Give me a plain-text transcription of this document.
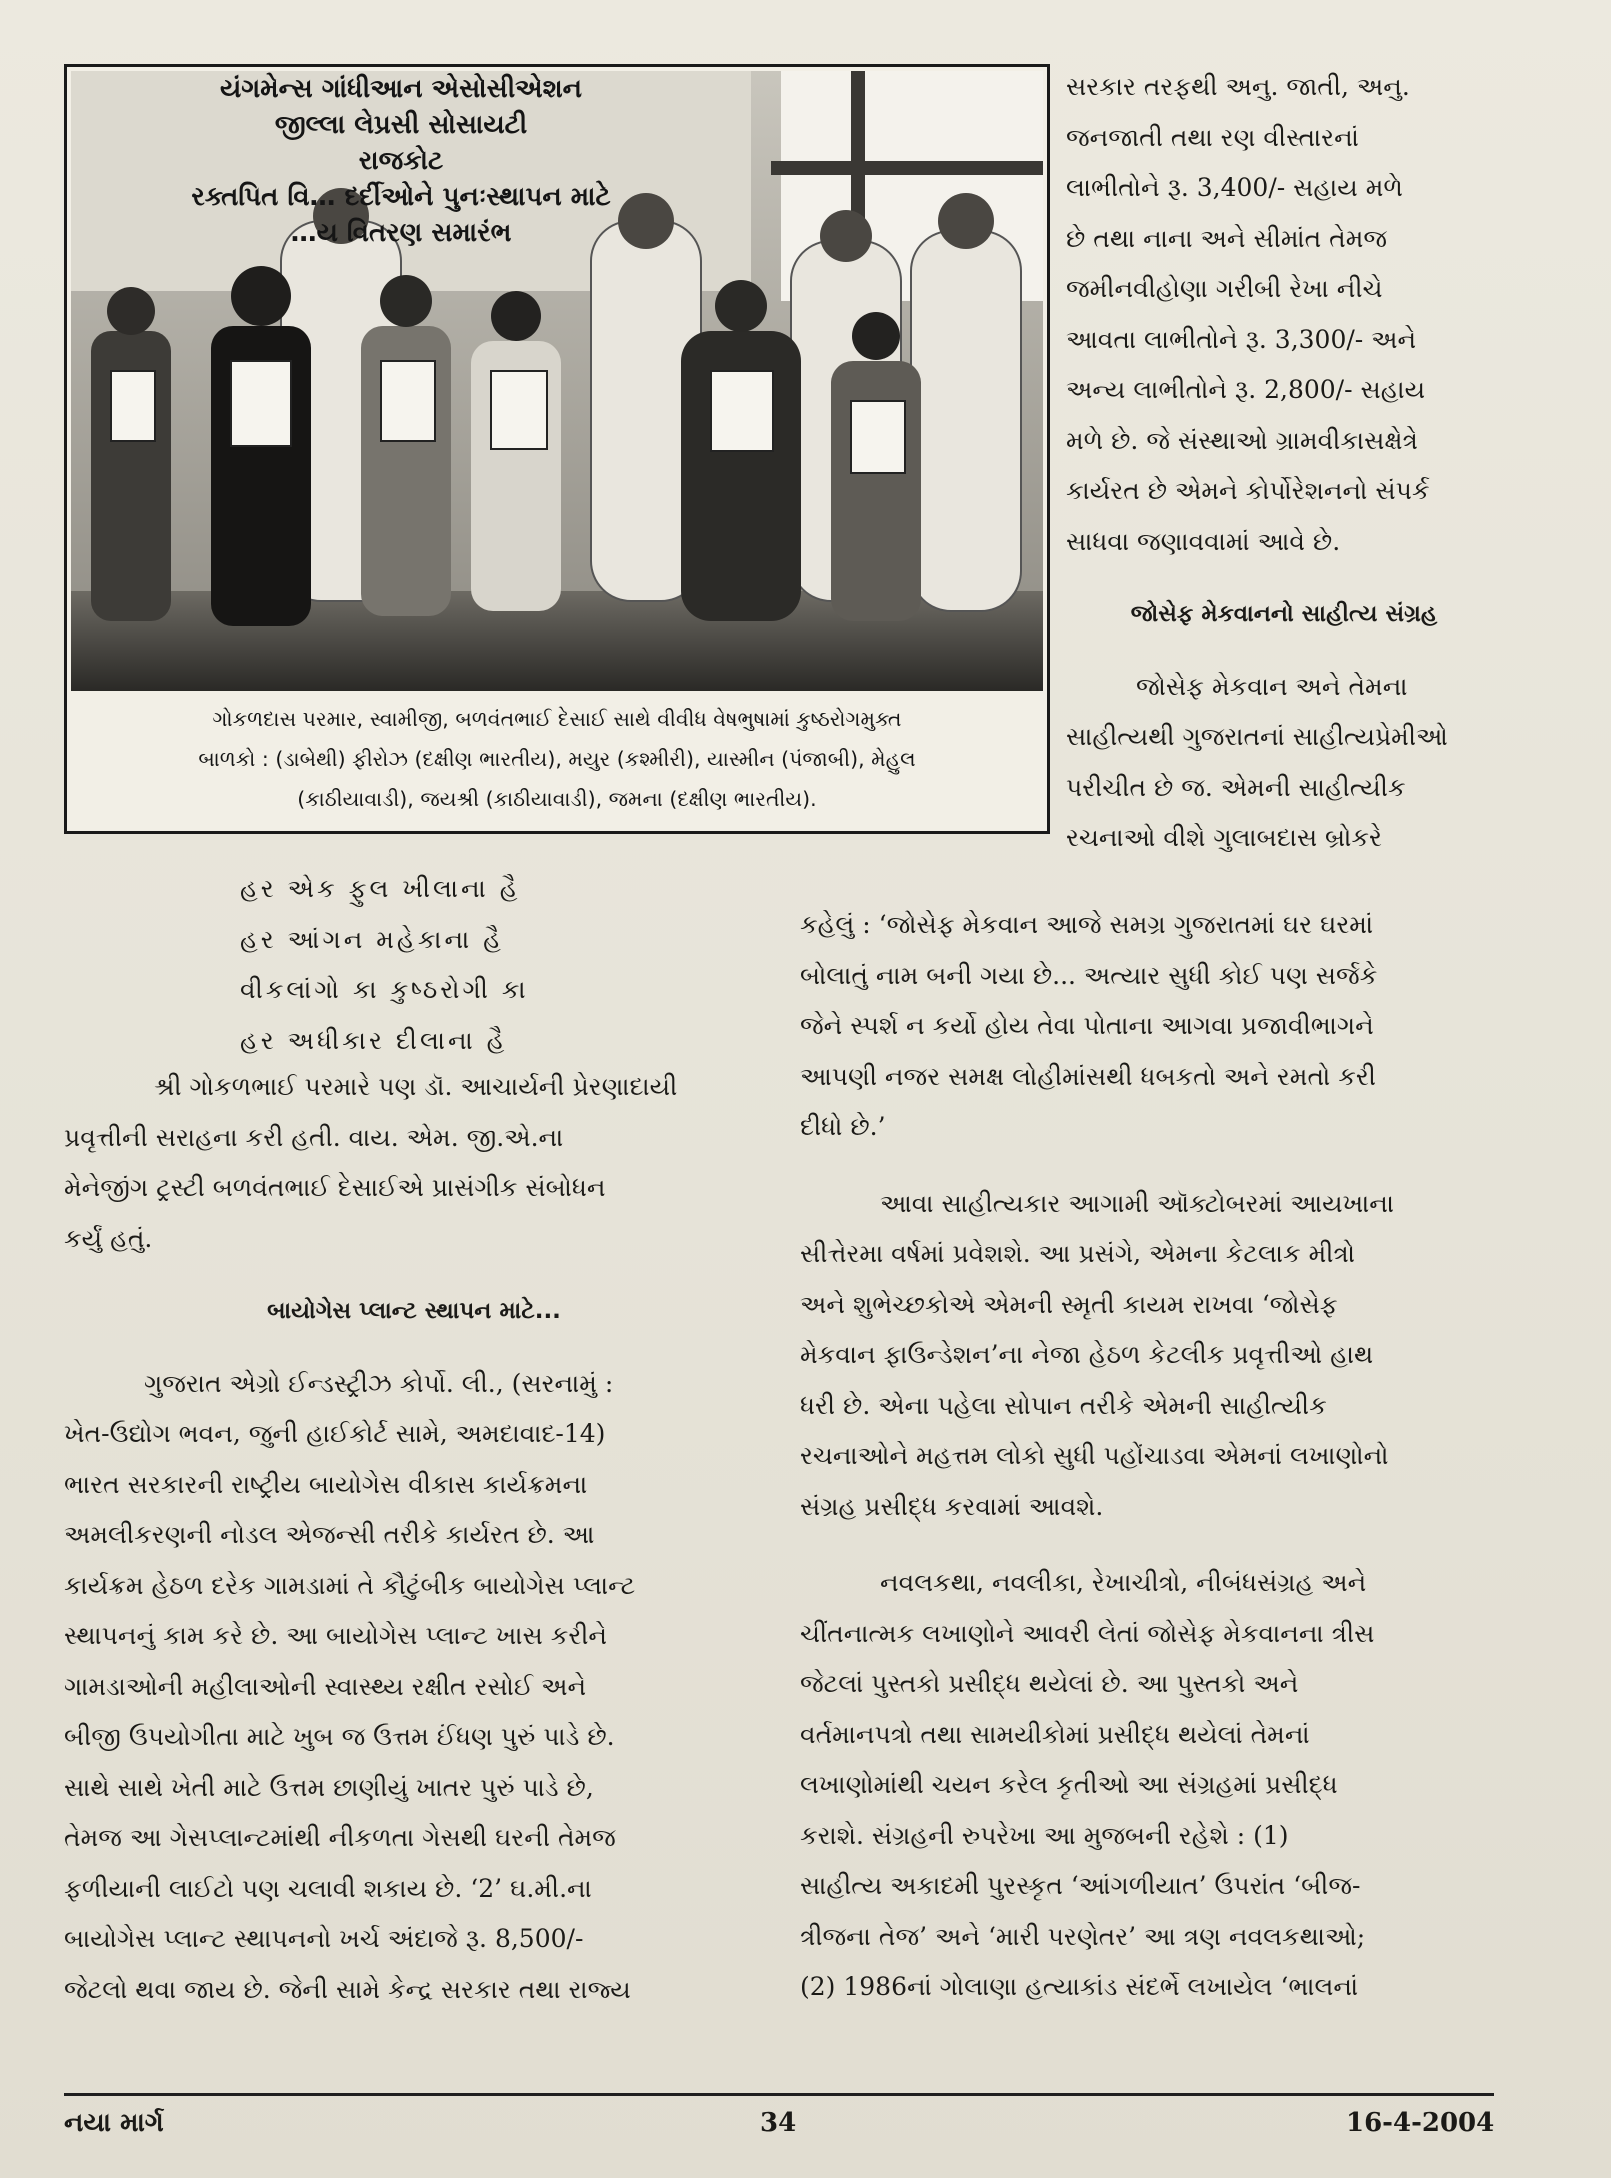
યંગમેન્સ ગાંધીઆન એસોસીએશન
જીલ્લા લેપ્રસી સોસાયટી
રાજકોટ
રક્તપિત વિ… દર્દીઓને પુનઃસ્થાપન માટે
…ય વિતરણ સમારંભ
ગોકળદાસ પરમાર, સ્વામીજી, બળવંતભાઈ દેસાઈ સાથે વીવીધ વેષભુષામાં કુષ્ઠરોગમુક્ત
બાળકો : (ડાબેથી) ફીરોઝ (દક્ષીણ ભારતીય), મયુર (કશ્મીરી), યાસ્મીન (પંજાબી), મેહુલ
(કાઠીયાવાડી), જયશ્રી (કાઠીયાવાડી), જમના (દક્ષીણ ભારતીય).

સરકાર તરફથી અનુ. જાતી, અનુ.
જનજાતી તથા રણ વીસ્તારનાં
લાભીતોને રૂ. 3,400/- સહાય મળે
છે તથા નાના અને સીમાંત તેમજ
જમીનવીહોણા ગરીબી રેખા નીચે
આવતા લાભીતોને રૂ. 3,300/- અને
અન્ય લાભીતોને રૂ. 2,800/- સહાય
મળે છે. જે સંસ્થાઓ ગ્રામવીકાસક્ષેત્રે
કાર્યરત છે એમને કોર્પોરેશનનો સંપર્ક
સાધવા જણાવવામાં આવે છે.

જોસેફ મેકવાનનો સાહીત્ય સંગ્રહ

જોસેફ મેકવાન અને તેમના

સાહીત્યથી ગુજરાતનાં સાહીત્યપ્રેમીઓ
પરીચીત છે જ. એમની સાહીત્યીક
રચનાઓ વીશે ગુલાબદાસ બ્રોકરે

હર એક ફુલ ખીલાના હૈ
હર આંગન મહેકાના હૈ
વીકલાંગો કા કુષ્ઠરોગી કા
હર અધીકાર દીલાના હૈ

શ્રી ગોકળભાઈ પરમારે પણ ડૉ. આચાર્યની પ્રેરણાદાયી

પ્રવૃત્તીની સરાહના કરી હતી. વાય. એમ. જી.એ.ના
મેનેજીંગ ટ્રસ્ટી બળવંતભાઈ દેસાઈએ પ્રાસંગીક સંબોધન
કર્યું હતું.

બાયોગેસ પ્લાન્ટ સ્થાપન માટે...

ગુજરાત એગ્રો ઈન્ડસ્ટ્રીઝ કોર્પો. લી., (સરનામું :

ખેત-ઉદ્યોગ ભવન, જુની હાઈકોર્ટ સામે, અમદાવાદ-14)
ભારત સરકારની રાષ્ટ્રીય બાયોગેસ વીકાસ કાર્યક્રમના
અમલીકરણની નોડલ એજન્સી તરીકે કાર્યરત છે. આ
કાર્યક્રમ હેઠળ દરેક ગામડામાં તે કૌટુંબીક બાયોગેસ પ્લાન્ટ
સ્થાપનનું કામ કરે છે. આ બાયોગેસ પ્લાન્ટ ખાસ કરીને
ગામડાઓની મહીલાઓની સ્વાસ્થ્ય રક્ષીત રસોઈ અને
બીજી ઉપયોગીતા માટે ખુબ જ ઉત્તમ ઈંધણ પુરું પાડે છે.
સાથે સાથે ખેતી માટે ઉત્તમ છાણીયું ખાતર પુરું પાડે છે,
તેમજ આ ગેસપ્લાન્ટમાંથી નીકળતા ગેસથી ઘરની તેમજ
ફળીયાની લાઈટો પણ ચલાવી શકાય છે. ‘2’ ઘ.મી.ના
બાયોગેસ પ્લાન્ટ સ્થાપનનો ખર્ચ અંદાજે રૂ. 8,500/-
જેટલો થવા જાય છે. જેની સામે કેન્દ્ર સરકાર તથા રાજ્ય

કહેલું : ‘જોસેફ મેકવાન આજે સમગ્ર ગુજરાતમાં ઘર ઘરમાં
બોલાતું નામ બની ગયા છે... અત્યાર સુધી કોઈ પણ સર્જકે
જેને સ્પર્શ ન કર્યો હોય તેવા પોતાના આગવા પ્રજાવીભાગને
આપણી નજર સમક્ષ લોહીમાંસથી ધબકતો અને રમતો કરી
દીધો છે.’

આવા સાહીત્યકાર આગામી ઑક્ટોબરમાં આયખાના

સીત્તેરમા વર્ષમાં પ્રવેશશે. આ પ્રસંગે, એમના કેટલાક મીત્રો
અને શુભેચ્છકોએ એમની સ્મૃતી કાયમ રાખવા ‘જોસેફ
મેકવાન ફાઉન્ડેશન’ના નેજા હેઠળ કેટલીક પ્રવૃત્તીઓ હાથ
ધરી છે. એના પહેલા સોપાન તરીકે એમની સાહીત્યીક
રચનાઓને મહત્તમ લોકો સુધી પહોંચાડવા એમનાં લખાણોનો
સંગ્રહ પ્રસીદ્ધ કરવામાં આવશે.

નવલકથા, નવલીકા, રેખાચીત્રો, નીબંધસંગ્રહ અને

ચીંતનાત્મક લખાણોને આવરી લેતાં જોસેફ મેકવાનના ત્રીસ
જેટલાં પુસ્તકો પ્રસીદ્ધ થયેલાં છે. આ પુસ્તકો અને
વર્તમાનપત્રો તથા સામયીકોમાં પ્રસીદ્ધ થયેલાં તેમનાં
લખાણોમાંથી ચયન કરેલ કૃતીઓ આ સંગ્રહમાં પ્રસીદ્ધ
કરાશે. સંગ્રહની રુપરેખા આ મુજબની રહેશે : (1)
સાહીત્ય અકાદમી પુરસ્કૃત ‘આંગળીયાત’ ઉપરાંત ‘બીજ-
ત્રીજના તેજ’ અને ‘મારી પરણેતર’ આ ત્રણ નવલકથાઓ;
(2) 1986નાં ગોલાણા હત્યાકાંડ સંદર્ભે લખાયેલ ‘ભાલનાં

નયા માર્ગ	34	16-4-2004
